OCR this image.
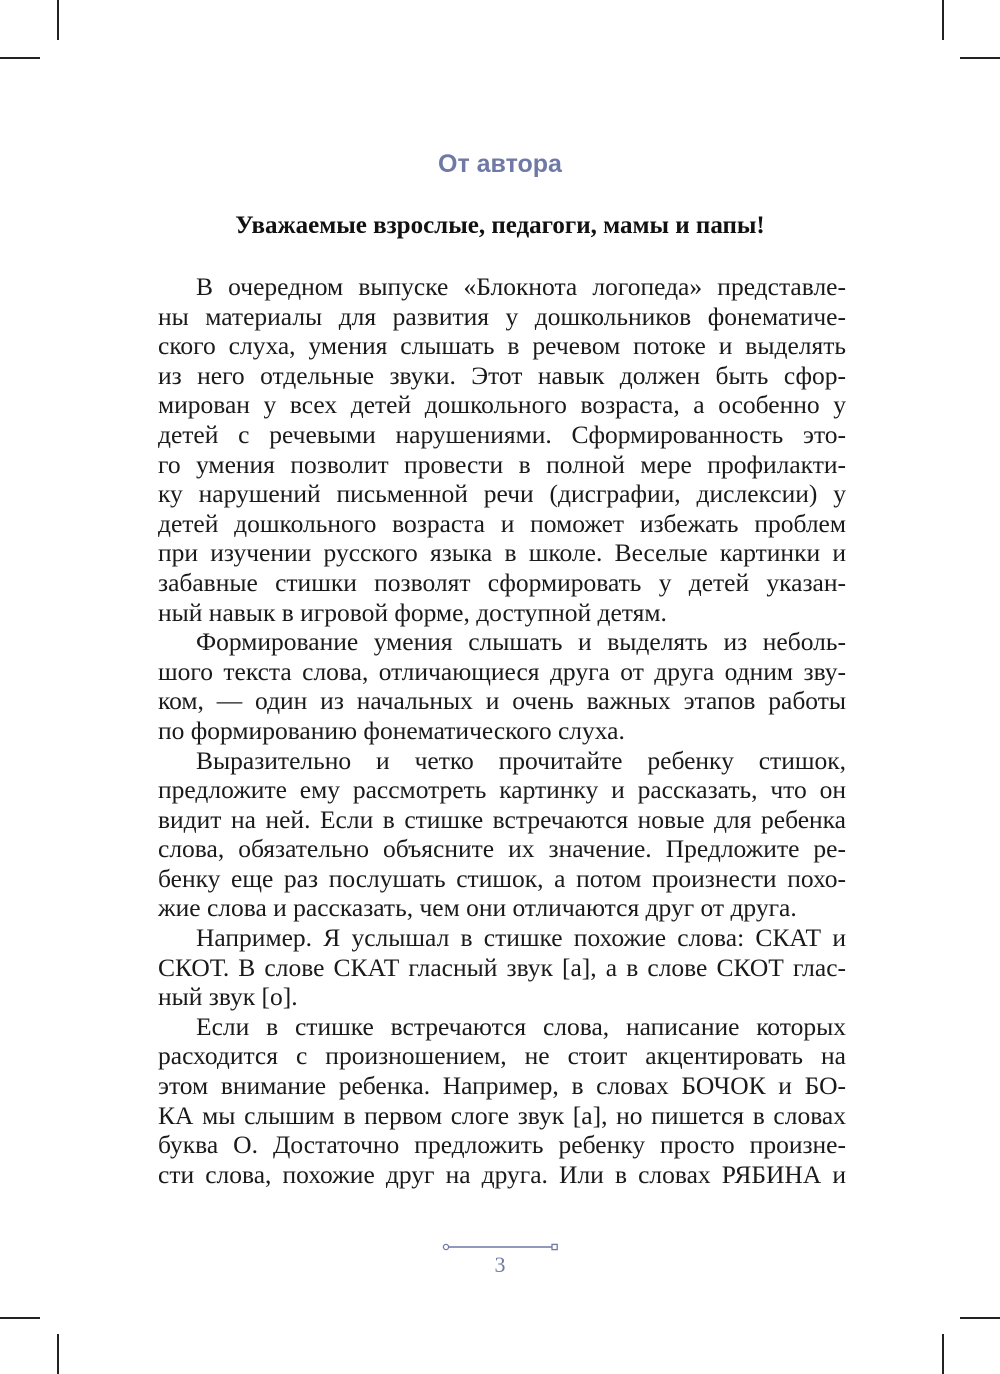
От автора
Уважаемые взрослые, педагоги, мамы и папы!
В очередном выпуске «Блокнота логопеда» представле-
ны материалы для развития у дошкольников фонематиче-
ского слуха, умения слышать в речевом потоке и выделять
из него отдельные звуки. Этот навык должен быть сфор-
мирован у всех детей дошкольного возраста, а особенно у
детей с речевыми нарушениями. Сформированность это-
го умения позволит провести в полной мере профилакти-
ку нарушений письменной речи (дисграфии, дислексии) у
детей дошкольного возраста и поможет избежать проблем
при изучении русского языка в школе. Веселые картинки и
забавные стишки позволят сформировать у детей указан-
ный навык в игровой форме, доступной детям.
Формирование умения слышать и выделять из неболь-
шого текста слова, отличающиеся друга от друга одним зву-
ком, — один из начальных и очень важных этапов работы
по формированию фонематического слуха.
Выразительно и четко прочитайте ребенку стишок,
предложите ему рассмотреть картинку и рассказать, что он
видит на ней. Если в стишке встречаются новые для ребенка
слова, обязательно объясните их значение. Предложите ре-
бенку еще раз послушать стишок, а потом произнести похо-
жие слова и рассказать, чем они отличаются друг от друга.
Например. Я услышал в стишке похожие слова: СКАТ и
СКОТ. В слове СКАТ гласный звук [а], а в слове СКОТ глас-
ный звук [о].
Если в стишке встречаются слова, написание которых
расходится с произношением, не стоит акцентировать на
этом внимание ребенка. Например, в словах БОЧОК и БО-
КА мы слышим в первом слоге звук [а], но пишется в словах
буква О. Достаточно предложить ребенку просто произне-
сти слова, похожие друг на друга. Или в словах РЯБИНА и
3
